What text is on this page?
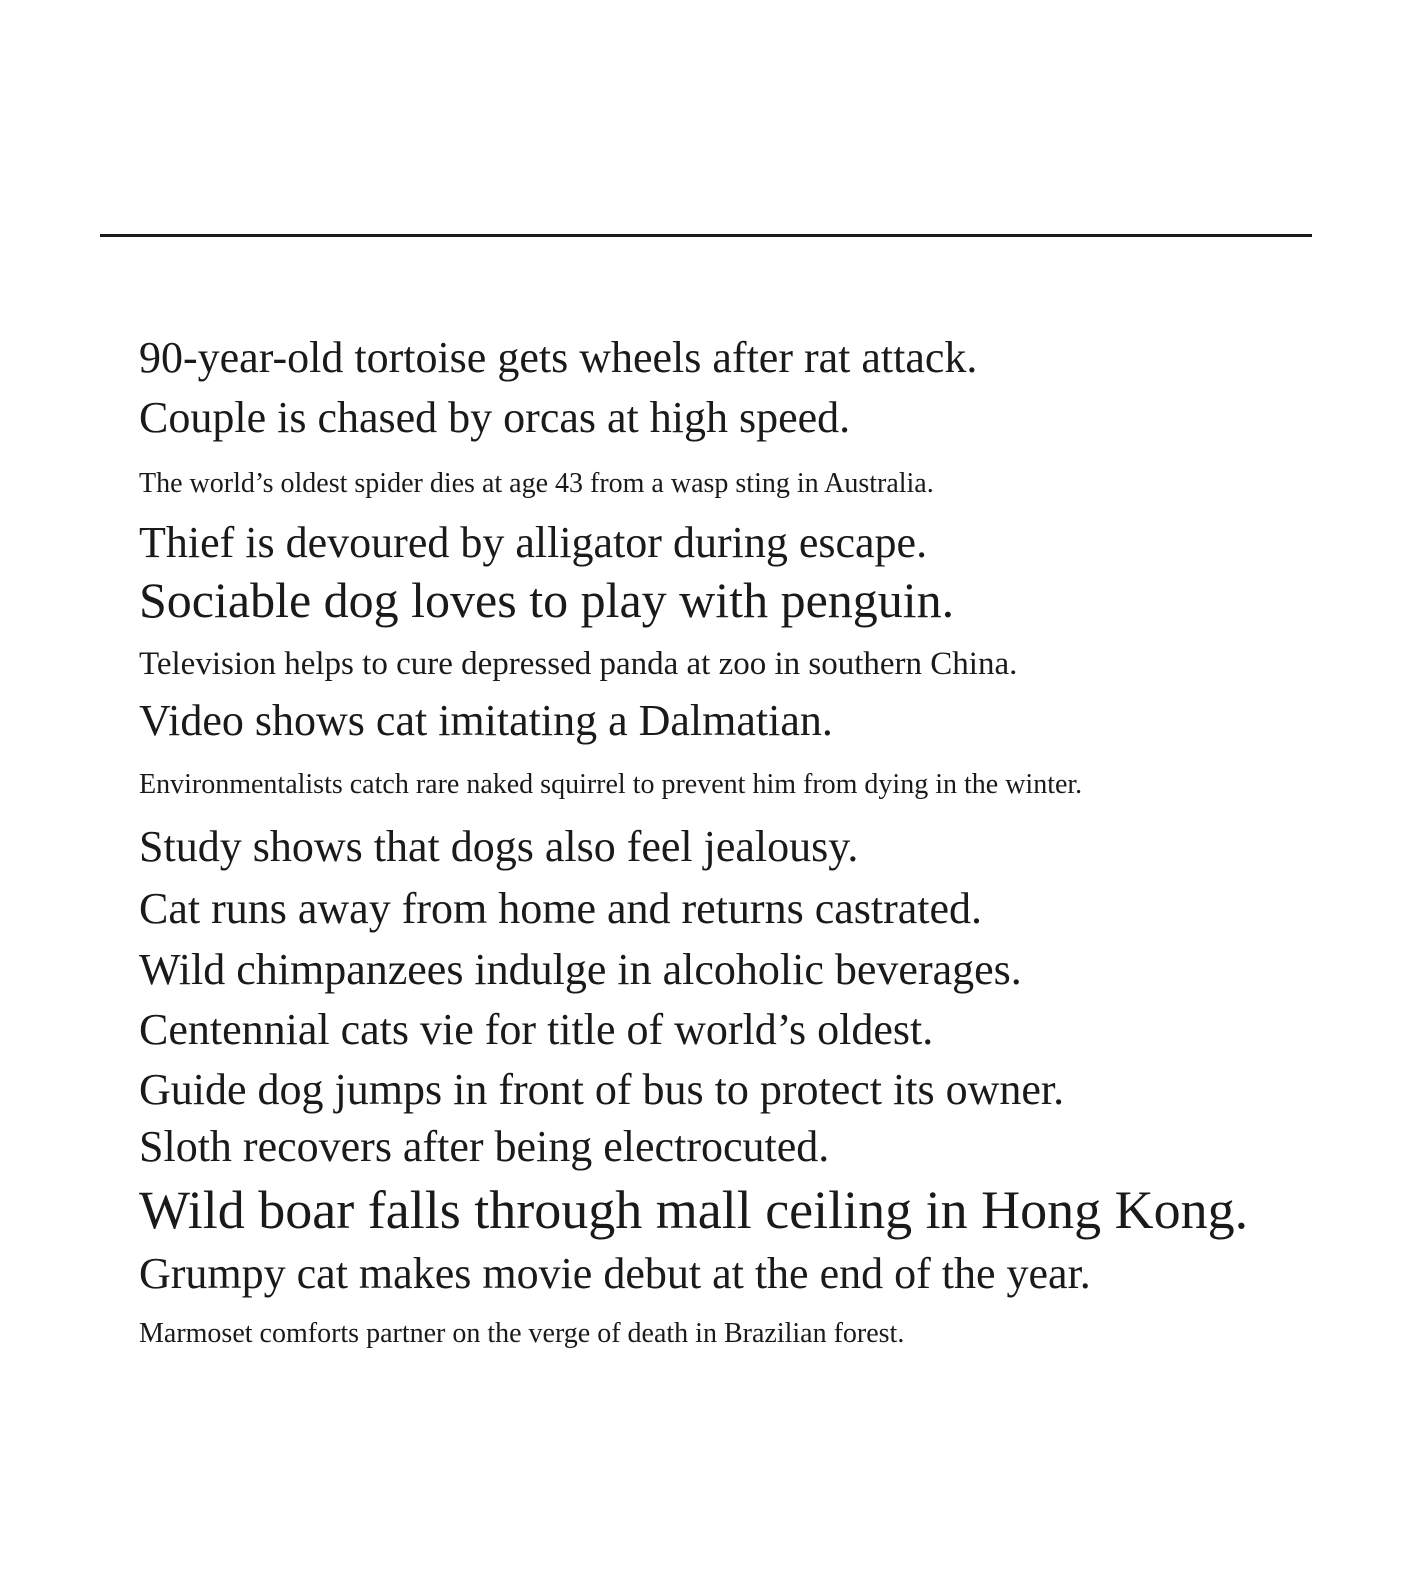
90-year-old tortoise gets wheels after rat attack.

Couple is chased by orcas at high speed.

The world’s oldest spider dies at age 43 from a wasp sting in Australia.

Thief is devoured by alligator during escape.

Sociable dog loves to play with penguin.

Television helps to cure depressed panda at zoo in southern China.

Video shows cat imitating a Dalmatian.

Environmentalists catch rare naked squirrel to prevent him from dying in the winter.

Study shows that dogs also feel jealousy.

Cat runs away from home and returns castrated.

Wild chimpanzees indulge in alcoholic beverages.

Centennial cats vie for title of world’s oldest.

Guide dog jumps in front of bus to protect its owner.

Sloth recovers after being electrocuted.

Wild boar falls through mall ceiling in Hong Kong.

Grumpy cat makes movie debut at the end of the year.

Marmoset comforts partner on the verge of death in Brazilian forest.
